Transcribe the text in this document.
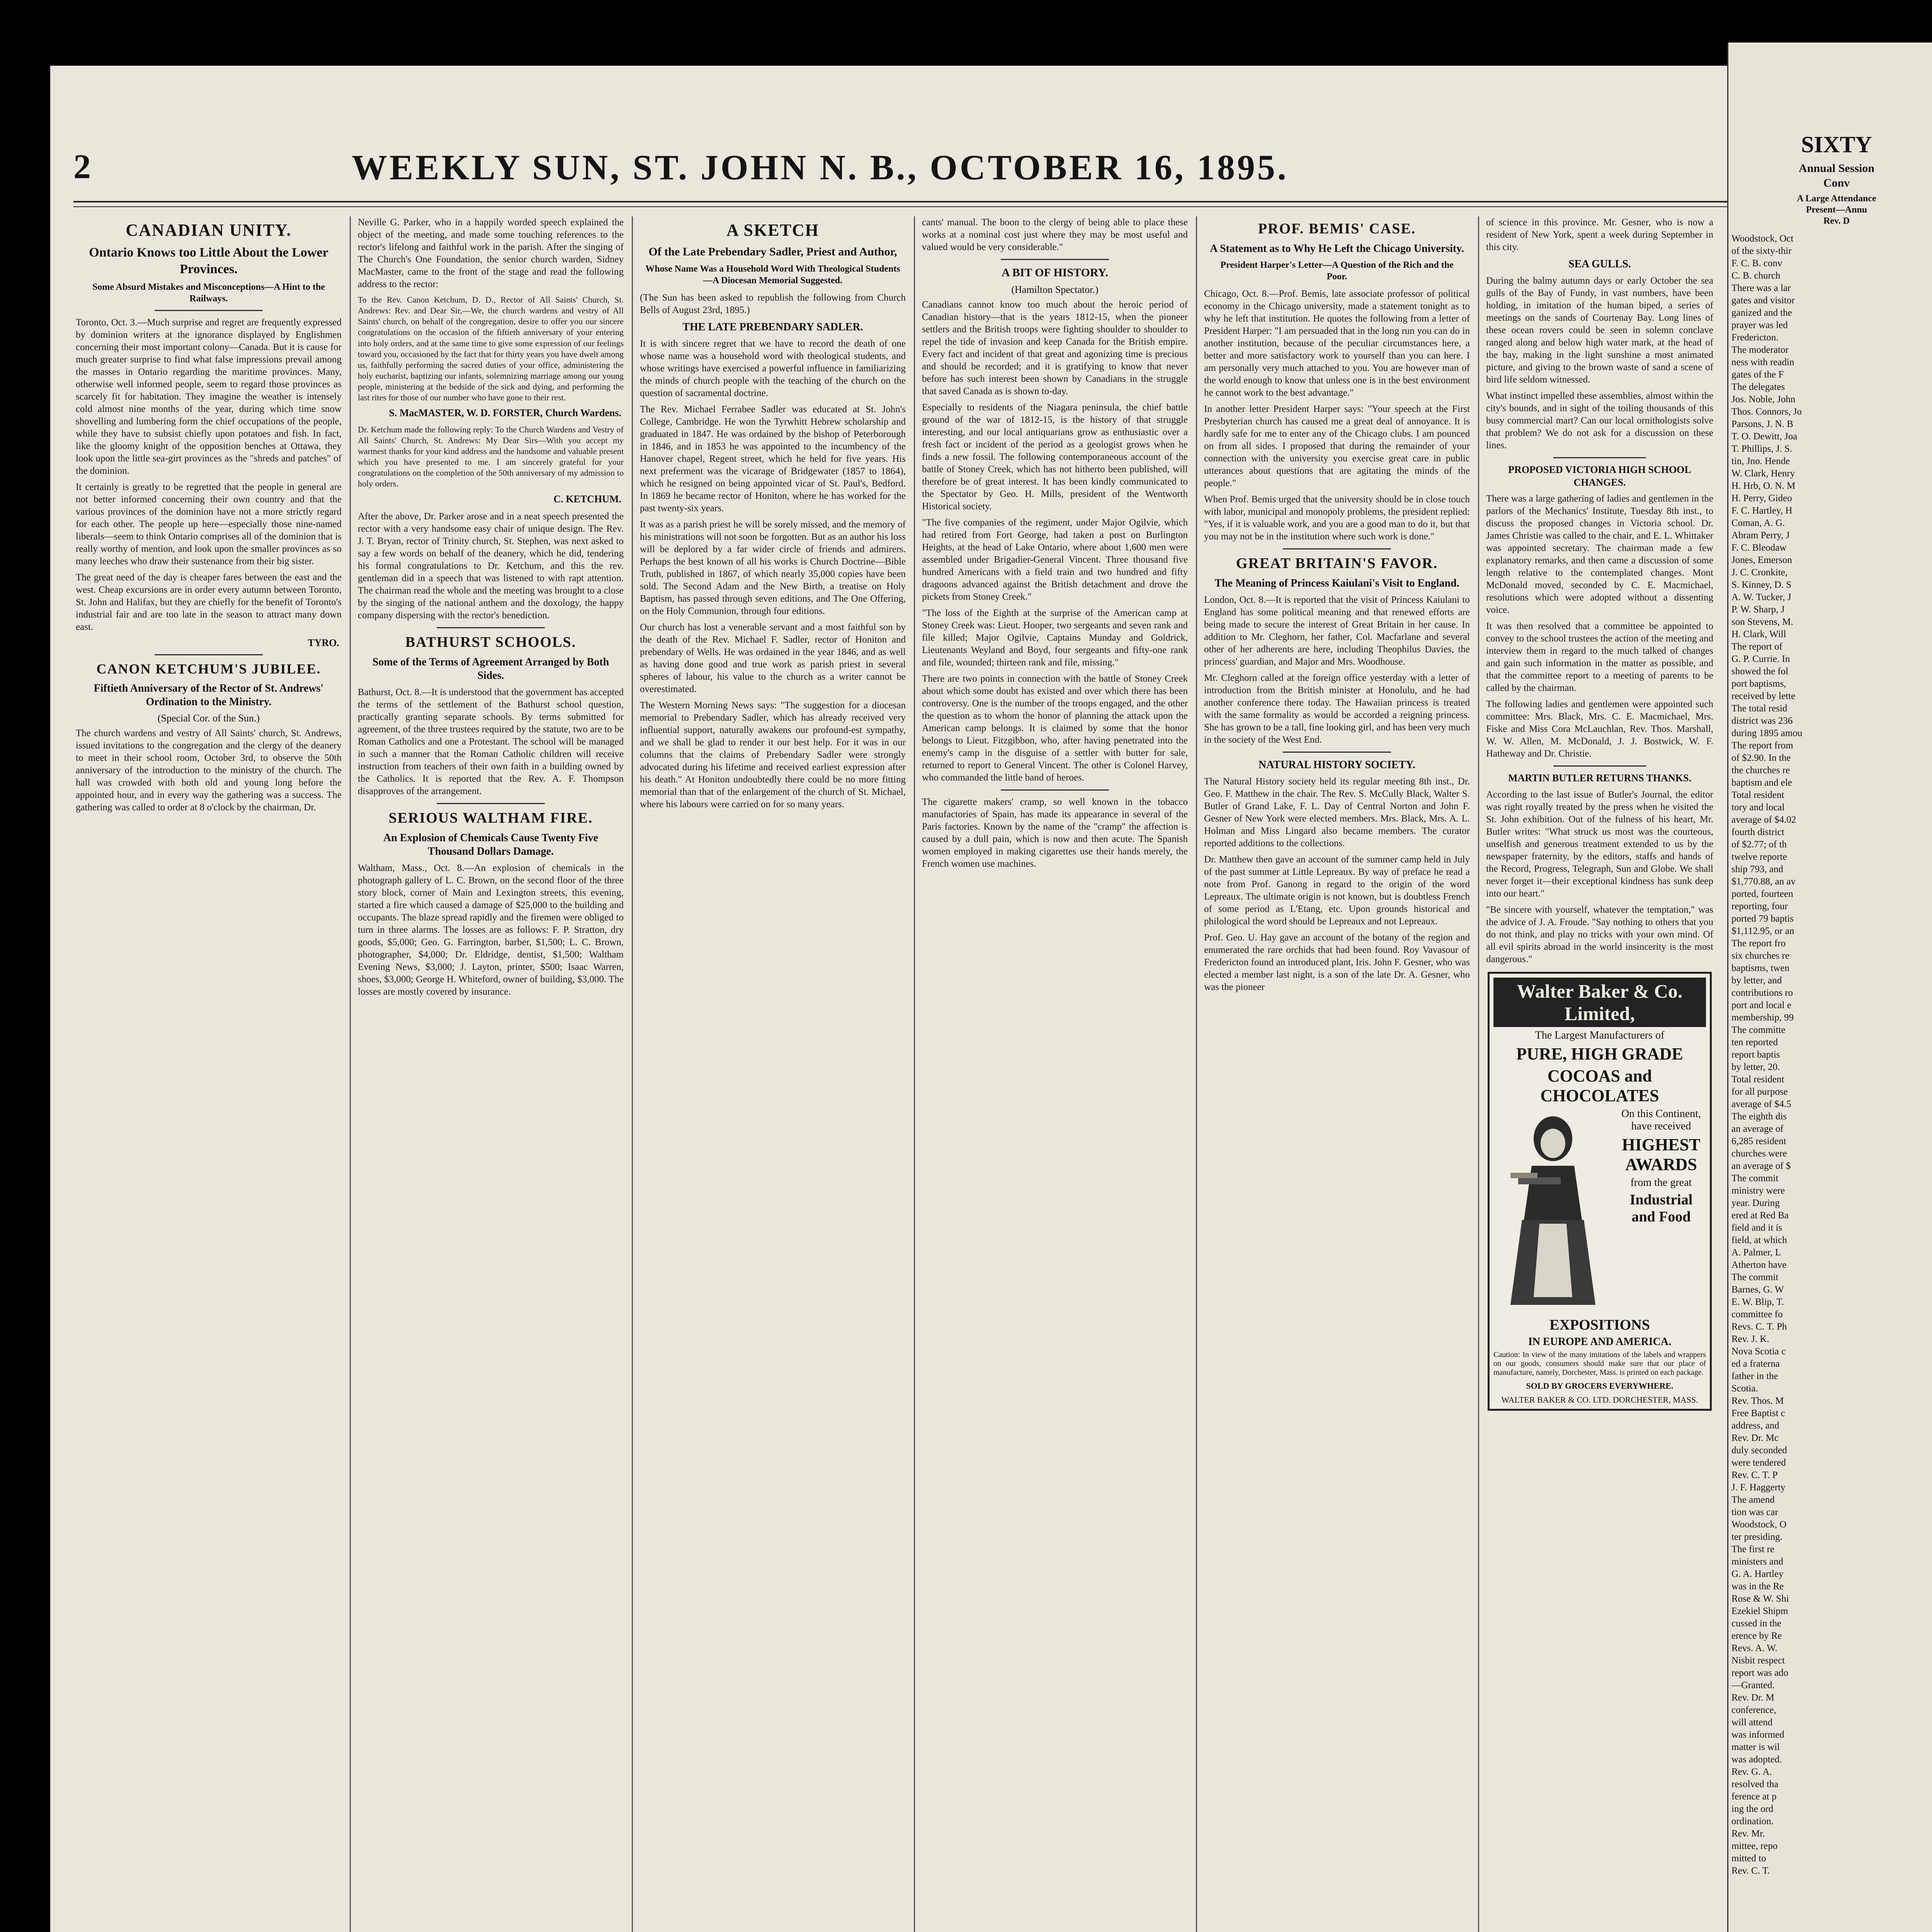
2	WEEKLY SUN, ST. JOHN N. B., OCTOBER 16, 1895.
CANADIAN UNITY.
Ontario Knows too Little About the Lower Provinces.
Some Absurd Mistakes and Misconceptions—A Hint to the Railways.

Toronto, Oct. 3.—Much surprise and regret are frequently expressed by dominion writers at the ignorance displayed by Englishmen concerning their most important colony—Canada. But it is cause for much greater surprise to find what false impressions prevail among the masses in Ontario regarding the maritime provinces. Many, otherwise well informed people, seem to regard those provinces as scarcely fit for habitation. They imagine the weather is intensely cold almost nine months of the year, during which time snow shovelling and lumbering form the chief occupations of the people, while they have to subsist chiefly upon potatoes and fish. In fact, like the gloomy knight of the opposition benches at Ottawa, they look upon the little sea-girt provinces as the "shreds and patches" of the dominion.

It certainly is greatly to be regretted that the people in general are not better informed concerning their own country and that the various provinces of the dominion have not a more strictly regard for each other. The people up here—especially those nine-named liberals—seem to think Ontario comprises all of the dominion that is really worthy of mention, and look upon the smaller provinces as so many leeches who draw their sustenance from their big sister.

The great need of the day is cheaper fares between the east and the west. Cheap excursions are in order every autumn between Toronto, St. John and Halifax, but they are chiefly for the benefit of Toronto's industrial fair and are too late in the season to attract many down east.

TYRO.
CANON KETCHUM'S JUBILEE.
Fiftieth Anniversary of the Rector of St. Andrews' Ordination to the Ministry.
(Special Cor. of the Sun.)

The church wardens and vestry of All Saints' church, St. Andrews, issued invitations to the congregation and the clergy of the deanery to meet in their school room, October 3rd, to observe the 50th anniversary of the introduction to the ministry of the church. The hall was crowded with both old and young long before the appointed hour, and in every way the gathering was a success. The gathering was called to order at 8 o'clock by the chairman, Dr.

Neville G. Parker, who in a happily worded speech explained the object of the meeting, and made some touching references to the rector's lifelong and faithful work in the parish. After the singing of The Church's One Foundation, the senior church warden, Sidney MacMaster, came to the front of the stage and read the following address to the rector:

To the Rev. Canon Ketchum, D. D., Rector of All Saints' Church, St. Andrews: Rev. and Dear Sir,—We, the church wardens and vestry of All Saints' church, on behalf of the congregation, desire to offer you our sincere congratulations on the occasion of the fiftieth anniversary of your entering into holy orders, and at the same time to give some expression of our feelings toward you, occasioned by the fact that for thirty years you have dwelt among us, faithfully performing the sacred duties of your office, administering the holy eucharist, baptizing our infants, solemnizing marriage among our young people, ministering at the bedside of the sick and dying, and performing the last rites for those of our number who have gone to their rest.

S. MacMASTER, W. D. FORSTER, Church Wardens.

Dr. Ketchum made the following reply: To the Church Wardens and Vestry of All Saints' Church, St. Andrews: My Dear Sirs—With you accept my warmest thanks for your kind address and the handsome and valuable present which you have presented to me. I am sincerely grateful for your congratulations on the completion of the 50th anniversary of my admission to holy orders.

C. KETCHUM.

After the above, Dr. Parker arose and in a neat speech presented the rector with a very handsome easy chair of unique design. The Rev. J. T. Bryan, rector of Trinity church, St. Stephen, was next asked to say a few words on behalf of the deanery, which he did, tendering his formal congratulations to Dr. Ketchum, and this the rev. gentleman did in a speech that was listened to with rapt attention. The chairman read the whole and the meeting was brought to a close by the singing of the national anthem and the doxology, the happy company dispersing with the rector's benediction.

BATHURST SCHOOLS.
Some of the Terms of Agreement Arranged by Both Sides.

Bathurst, Oct. 8.—It is understood that the government has accepted the terms of the settlement of the Bathurst school question, practically granting separate schools. By terms submitted for agreement, of the three trustees required by the statute, two are to be Roman Catholics and one a Protestant. The school will be managed in such a manner that the Roman Catholic children will receive instruction from teachers of their own faith in a building owned by the Catholics. It is reported that the Rev. A. F. Thompson disapproves of the arrangement.

SERIOUS WALTHAM FIRE.
An Explosion of Chemicals Cause Twenty Five Thousand Dollars Damage.

Waltham, Mass., Oct. 8.—An explosion of chemicals in the photograph gallery of L. C. Brown, on the second floor of the three story block, corner of Main and Lexington streets, this evening, started a fire which caused a damage of $25,000 to the building and occupants. The blaze spread rapidly and the firemen were obliged to turn in three alarms. The losses are as follows: F. P. Stratton, dry goods, $5,000; Geo. G. Farrington, barber, $1,500; L. C. Brown, photographer, $4,000; Dr. Eldridge, dentist, $1,500; Waltham Evening News, $3,000; J. Layton, printer, $500; Isaac Warren, shoes, $3,000; George H. Whiteford, owner of building, $3,000. The losses are mostly covered by insurance.

A SKETCH
Of the Late Prebendary Sadler, Priest and Author,
Whose Name Was a Household Word With Theological Students—A Diocesan Memorial Suggested.

(The Sun has been asked to republish the following from Church Bells of August 23rd, 1895.)

THE LATE PREBENDARY SADLER.

It is with sincere regret that we have to record the death of one whose name was a household word with theological students, and whose writings have exercised a powerful influence in familiarizing the minds of church people with the teaching of the church on the question of sacramental doctrine.

The Rev. Michael Ferrabee Sadler was educated at St. John's College, Cambridge. He won the Tyrwhitt Hebrew scholarship and graduated in 1847. He was ordained by the bishop of Peterborough in 1846, and in 1853 he was appointed to the incumbency of the Hanover chapel, Regent street, which he held for five years. His next preferment was the vicarage of Bridgewater (1857 to 1864), which he resigned on being appointed vicar of St. Paul's, Bedford. In 1869 he became rector of Honiton, where he has worked for the past twenty-six years.

It was as a parish priest he will be sorely missed, and the memory of his ministrations will not soon be forgotten. But as an author his loss will be deplored by a far wider circle of friends and admirers. Perhaps the best known of all his works is Church Doctrine—Bible Truth, published in 1867, of which nearly 35,000 copies have been sold. The Second Adam and the New Birth, a treatise on Holy Baptism, has passed through seven editions, and The One Offering, on the Holy Communion, through four editions.

Our church has lost a venerable servant and a most faithful son by the death of the Rev. Michael F. Sadler, rector of Honiton and prebendary of Wells. He was ordained in the year 1846, and as well as having done good and true work as parish priest in several spheres of labour, his value to the church as a writer cannot be overestimated.

The Western Morning News says: "The suggestion for a diocesan memorial to Prebendary Sadler, which has already received very influential support, naturally awakens our profound-est sympathy, and we shall be glad to render it our best help. For it was in our columns that the claims of Prebendary Sadler were strongly advocated during his lifetime and received earliest expression after his death." At Honiton undoubtedly there could be no more fitting memorial than that of the enlargement of the church of St. Michael, where his labours were carried on for so many years.

cants' manual. The boon to the clergy of being able to place these works at a nominal cost just where they may be most useful and valued would be very considerable."

A BIT OF HISTORY.
(Hamilton Spectator.)

Canadians cannot know too much about the heroic period of Canadian history—that is the years 1812-15, when the pioneer settlers and the British troops were fighting shoulder to shoulder to repel the tide of invasion and keep Canada for the British empire. Every fact and incident of that great and agonizing time is precious and should be recorded; and it is gratifying to know that never before has such interest been shown by Canadians in the struggle that saved Canada as is shown to-day.

Especially to residents of the Niagara peninsula, the chief battle ground of the war of 1812-15, is the history of that struggle interesting, and our local antiquarians grow as enthusiastic over a fresh fact or incident of the period as a geologist grows when he finds a new fossil. The following contemporaneous account of the battle of Stoney Creek, which has not hitherto been published, will therefore be of great interest. It has been kindly communicated to the Spectator by Geo. H. Mills, president of the Wentworth Historical society.

"The five companies of the regiment, under Major Ogilvie, which had retired from Fort George, had taken a post on Burlington Heights, at the head of Lake Ontario, where about 1,600 men were assembled under Brigadier-General Vincent. Three thousand five hundred Americans with a field train and two hundred and fifty dragoons advanced against the British detachment and drove the pickets from Stoney Creek."

"The loss of the Eighth at the surprise of the American camp at Stoney Creek was: Lieut. Hooper, two sergeants and seven rank and file killed; Major Ogilvie, Captains Munday and Goldrick, Lieutenants Weyland and Boyd, four sergeants and fifty-one rank and file, wounded; thirteen rank and file, missing."

There are two points in connection with the battle of Stoney Creek about which some doubt has existed and over which there has been controversy. One is the number of the troops engaged, and the other the question as to whom the honor of planning the attack upon the American camp belongs. It is claimed by some that the honor belongs to Lieut. Fitzgibbon, who, after having penetrated into the enemy's camp in the disguise of a settler with butter for sale, returned to report to General Vincent. The other is Colonel Harvey, who commanded the little band of heroes.

The cigarette makers' cramp, so well known in the tobacco manufactories of Spain, has made its appearance in several of the Paris factories. Known by the name of the "cramp" the affection is caused by a dull pain, which is now and then acute. The Spanish women employed in making cigarettes use their hands merely, the French women use machines.

PROF. BEMIS' CASE.
A Statement as to Why He Left the Chicago University.
President Harper's Letter—A Question of the Rich and the Poor.

Chicago, Oct. 8.—Prof. Bemis, late associate professor of political economy in the Chicago university, made a statement tonight as to why he left that institution. He quotes the following from a letter of President Harper: "I am persuaded that in the long run you can do in another institution, because of the peculiar circumstances here, a better and more satisfactory work to yourself than you can here. I am personally very much attached to you. You are however man of the world enough to know that unless one is in the best environment he cannot work to the best advantage."

In another letter President Harper says: "Your speech at the First Presbyterian church has caused me a great deal of annoyance. It is hardly safe for me to enter any of the Chicago clubs. I am pounced on from all sides. I proposed that during the remainder of your connection with the university you exercise great care in public utterances about questions that are agitating the minds of the people."

When Prof. Bemis urged that the university should be in close touch with labor, municipal and monopoly problems, the president replied: "Yes, if it is valuable work, and you are a good man to do it, but that you may not be in the institution where such work is done."

GREAT BRITAIN'S FAVOR.
The Meaning of Princess Kaiulani's Visit to England.

London, Oct. 8.—It is reported that the visit of Princess Kaiulani to England has some political meaning and that renewed efforts are being made to secure the interest of Great Britain in her cause. In addition to Mr. Cleghorn, her father, Col. Macfarlane and several other of her adherents are here, including Theophilus Davies, the princess' guardian, and Major and Mrs. Woodhouse.

Mr. Cleghorn called at the foreign office yesterday with a letter of introduction from the British minister at Honolulu, and he had another conference there today. The Hawaiian princess is treated with the same formality as would be accorded a reigning princess. She has grown to be a tall, fine looking girl, and has been very much in the society of the West End.

NATURAL HISTORY SOCIETY.

The Natural History society held its regular meeting 8th inst., Dr. Geo. F. Matthew in the chair. The Rev. S. McCully Black, Walter S. Butler of Grand Lake, F. L. Day of Central Norton and John F. Gesner of New York were elected members. Mrs. Black, Mrs. A. L. Holman and Miss Lingard also became members. The curator reported additions to the collections.

Dr. Matthew then gave an account of the summer camp held in July of the past summer at Little Lepreaux. By way of preface he read a note from Prof. Ganong in regard to the origin of the word Lepreaux. The ultimate origin is not known, but is doubtless French of some period as L'Etang, etc. Upon grounds historical and philological the word should be Lepreaux and not Lepreaux.

Prof. Geo. U. Hay gave an account of the botany of the region and enumerated the rare orchids that had been found. Roy Vavasour of Fredericton found an introduced plant, Iris. John F. Gesner, who was elected a member last night, is a son of the late Dr. A. Gesner, who was the pioneer

of science in this province. Mr. Gesner, who is now a resident of New York, spent a week during September in this city.

SEA GULLS.

During the balmy autumn days or early October the sea gulls of the Bay of Fundy, in vast numbers, have been holding, in imitation of the human biped, a series of meetings on the sands of Courtenay Bay. Long lines of these ocean rovers could be seen in solemn conclave ranged along and below high water mark, at the head of the bay, making in the light sunshine a most animated picture, and giving to the brown waste of sand a scene of bird life seldom witnessed.

What instinct impelled these assemblies, almost within the city's bounds, and in sight of the toiling thousands of this busy commercial mart? Can our local ornithologists solve that problem? We do not ask for a discussion on these lines.

PROPOSED VICTORIA HIGH SCHOOL CHANGES.

There was a large gathering of ladies and gentlemen in the parlors of the Mechanics' Institute, Tuesday 8th inst., to discuss the proposed changes in Victoria school. Dr. James Christie was called to the chair, and E. L. Whittaker was appointed secretary. The chairman made a few explanatory remarks, and then came a discussion of some length relative to the contemplated changes. Mont McDonald moved, seconded by C. E. Macmichael, resolutions which were adopted without a dissenting voice.

It was then resolved that a committee be appointed to convey to the school trustees the action of the meeting and interview them in regard to the much talked of changes and gain such information in the matter as possible, and that the committee report to a meeting of parents to be called by the chairman.

The following ladies and gentlemen were appointed such committee: Mrs. Black, Mrs. C. E. Macmichael, Mrs. Fiske and Miss Cora McLauchlan, Rev. Thos. Marshall, W. W. Allen, M. McDonald, J. J. Bostwick, W. F. Hatheway and Dr. Christie.

MARTIN BUTLER RETURNS THANKS.

According to the last issue of Butler's Journal, the editor was right royally treated by the press when he visited the St. John exhibition. Out of the fulness of his heart, Mr. Butler writes: "What struck us most was the courteous, unselfish and generous treatment extended to us by the newspaper fraternity, by the editors, staffs and hands of the Record, Progress, Telegraph, Sun and Globe. We shall never forget it—their exceptional kindness has sunk deep into our heart."

"Be sincere with yourself, whatever the temptation," was the advice of J. A. Froude. "Say nothing to others that you do not think, and play no tricks with your own mind. Of all evil spirits abroad in the world insincerity is the most dangerous."

Walter Baker & Co. Limited,
The Largest Manufacturers of
PURE, HIGH GRADE
COCOAS and CHOCOLATES
On this Continent, have received
HIGHEST AWARDS
from the great
Industrial and Food
EXPOSITIONS
IN EUROPE AND AMERICA.
Caution: In view of the many imitations of the labels and wrappers on our goods, consumers should make sure that our place of manufacture, namely, Dorchester, Mass. is printed on each package.
SOLD BY GROCERS EVERYWHERE.
WALTER BAKER & CO. LTD. DORCHESTER, MASS.
SIXTY
Annual Session
Conv
A Large Attendance
Present—Annu
Rev. D
Woodstock, Oct
of the sixty-thir
F. C. B. conv
C. B. church
There was a lar
gates and visitor
ganized and the
prayer was led
Fredericton.
The moderator
ness with readin
gates of the F
The delegates
Jos. Noble, John
Thos. Connors, Jo
Parsons, J. N. B
T. O. Dewitt, Joa
T. Phillips, J. S.
tin, Jno. Hende
W. Clark, Henry
H. Hrb, O. N. M
H. Perry, Gideo
F. C. Hartley, H
Coman, A. G.
Abram Perry, J
F. C. Bleodaw
Jones, Emerson
J. C. Cronkite,
S. Kinney, D. S
A. W. Tucker, J
P. W. Sharp, J
son Stevens, M.
H. Clark, Will
The report of
G. P. Currie. In
showed the fol
port baptisms,
received by lette
The total resid
district was 236
during 1895 amou
The report from
of $2.90. In the
the churches re
baptism and ele
Total resident
tory and local
average of $4.02
fourth district
of $2.77; of th
twelve reporte
ship 793, and
$1,770.88, an av
ported, fourteen
reporting, four
ported 79 baptis
$1,112.95, or an
The report fro
six churches re
baptisms, twen
by letter, and
contributions ro
port and local e
membership, 99
The committe
ten reported
report baptis
by letter, 20.
Total resident
for all purpose
average of $4.5
The eighth dis
an average of
6,285 resident
churches were
an average of $
The commit
ministry were
year. During
ered at Red Ba
field and it is
field, at which
A. Palmer, L
Atherton have
The commit
Barnes, G. W
E. W. Blip, T.
committee fo
Revs. C. T. Ph
Rev. J. K.
Nova Scotia c
ed a fraterna
father in the
Scotia.
Rev. Thos. M
Free Baptist c
address, and
Rev. Dr. Mc
duly seconded
were tendered
Rev. C. T. P
J. F. Haggerty
The amend
tion was car
Woodstock, O
ter presiding.
The first re
ministers and
G. A. Hartley
was in the Re
Rose & W. Shi
Ezekiel Shipm
cussed in the
erence by Re
Revs. A. W.
Nisbit respect
report was ado
—Granted.
Rev. Dr. M
conference,
will attend
was informed
matter is wil
was adopted.
Rev. G. A.
resolved tha
ference at p
ing the ord
ordination.
Rev. Mr.
mittee, repo
mitted to
Rev. C. T.
